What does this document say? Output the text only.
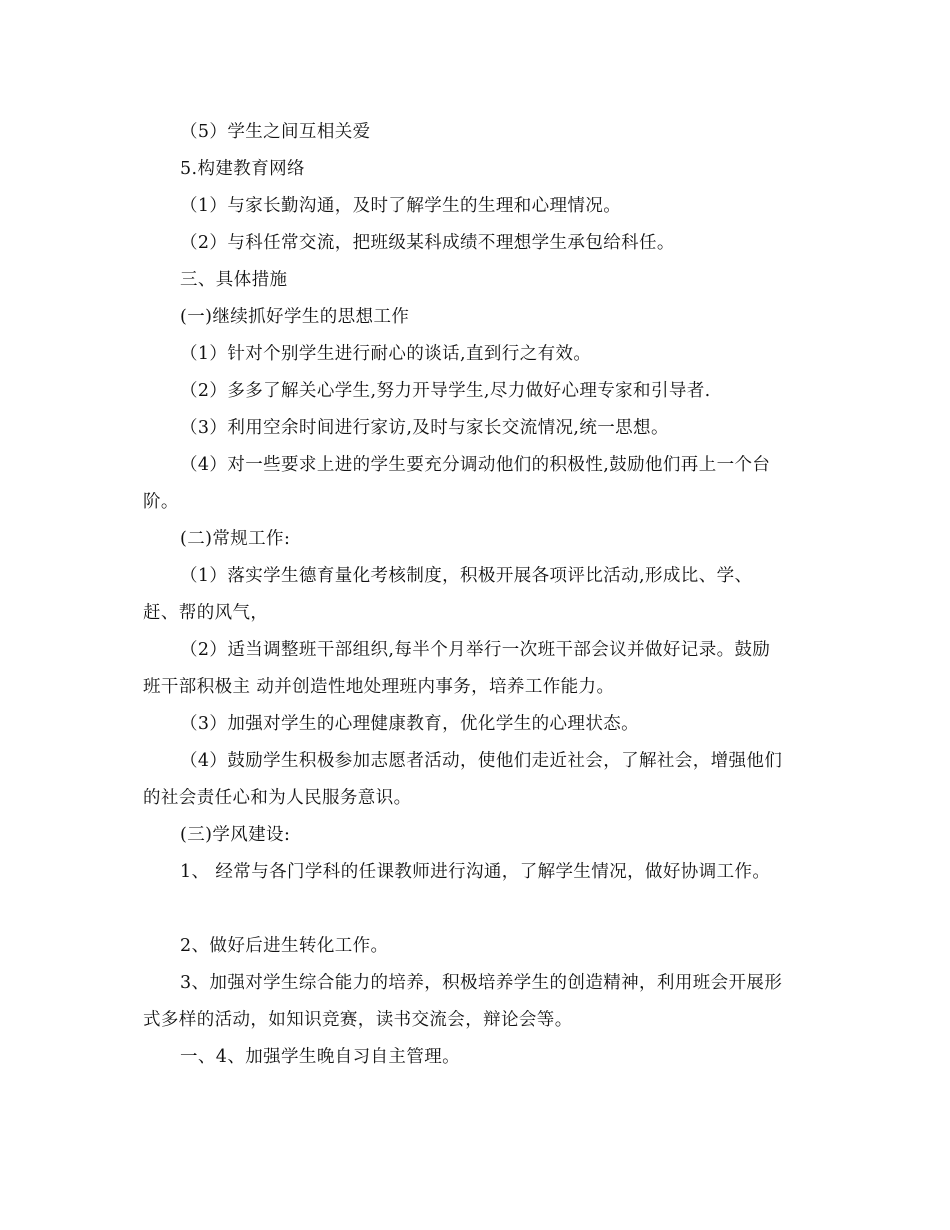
（5）学生之间互相关爱
5.构建教育网络
（1）与家长勤沟通，及时了解学生的生理和心理情况。
（2）与科任常交流，把班级某科成绩不理想学生承包给科任。
三、具体措施
(一)继续抓好学生的思想工作
（1）针对个别学生进行耐心的谈话,直到行之有效。
（2）多多了解关心学生,努力开导学生,尽力做好心理专家和引导者.
（3）利用空余时间进行家访,及时与家长交流情况,统一思想。
（4）对一些要求上进的学生要充分调动他们的积极性,鼓励他们再上一个台
阶。
(二)常规工作:
（1）落实学生德育量化考核制度，积极开展各项评比活动,形成比、学、
赶、帮的风气，
（2）适当调整班干部组织,每半个月举行一次班干部会议并做好记录。鼓励
班干部积极主 动并创造性地处理班内事务，培养工作能力。
（3）加强对学生的心理健康教育，优化学生的心理状态。
（4）鼓励学生积极参加志愿者活动，使他们走近社会，了解社会，增强他们
的社会责任心和为人民服务意识。
(三)学风建设:
1、 经常与各门学科的任课教师进行沟通，了解学生情况，做好协调工作。
2、做好后进生转化工作。
3、加强对学生综合能力的培养，积极培养学生的创造精神，利用班会开展形
式多样的活动，如知识竞赛，读书交流会，辩论会等。
一、4、加强学生晚自习自主管理。
